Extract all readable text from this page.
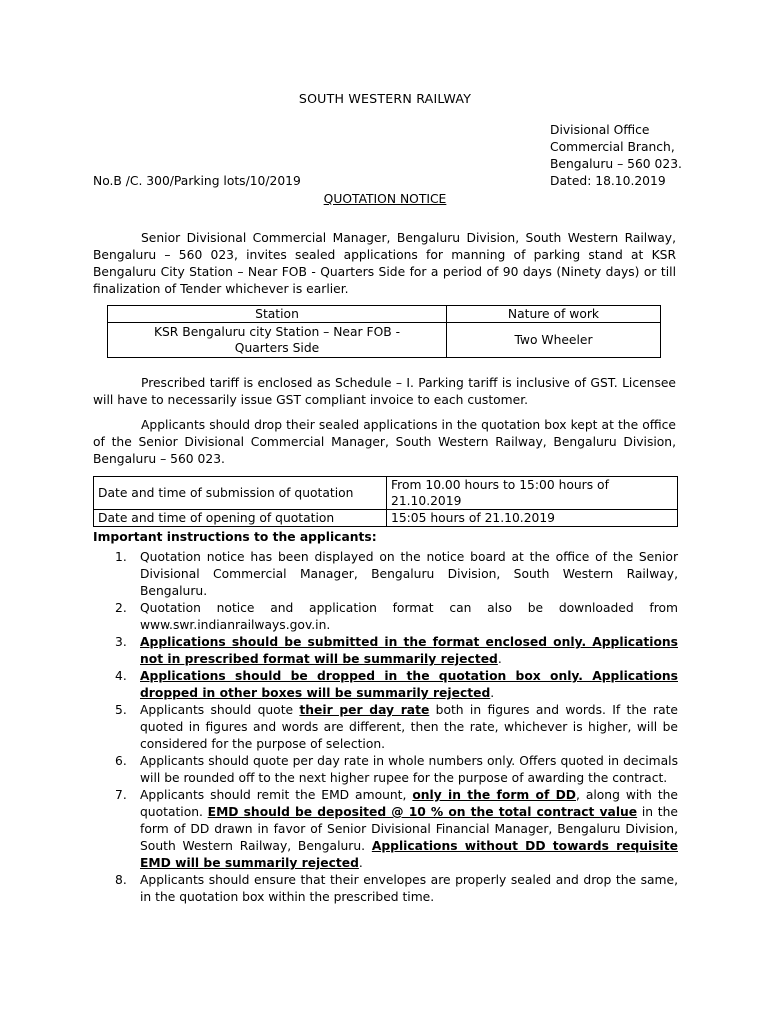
SOUTH WESTERN RAILWAY
Divisional Office
Commercial Branch,
Bengaluru – 560 023.
No.B /C. 300/Parking lots/10/2019	Dated: 18.10.2019
QUOTATION NOTICE
Senior Divisional Commercial Manager, Bengaluru Division, South Western Railway, Bengaluru – 560 023, invites sealed applications for manning of parking stand at KSR Bengaluru City Station – Near FOB - Quarters Side for a period of 90 days (Ninety days) or till finalization of Tender whichever is earlier.
Station	Nature of work
KSR Bengaluru city Station – Near FOB - Quarters Side	Two Wheeler
Prescribed tariff is enclosed as Schedule – I. Parking tariff is inclusive of GST. Licensee will have to necessarily issue GST compliant invoice to each customer.
Applicants should drop their sealed applications in the quotation box kept at the office of the Senior Divisional Commercial Manager, South Western Railway, Bengaluru Division, Bengaluru – 560 023.
Date and time of submission of quotation	From 10.00 hours to 15:00 hours of 21.10.2019
Date and time of opening of quotation	15:05 hours of 21.10.2019
Important instructions to the applicants:
1. Quotation notice has been displayed on the notice board at the office of the Senior Divisional Commercial Manager, Bengaluru Division, South Western Railway, Bengaluru.
2. Quotation notice and application format can also be downloaded from www.swr.indianrailways.gov.in.
3. Applications should be submitted in the format enclosed only. Applications not in prescribed format will be summarily rejected.
4. Applications should be dropped in the quotation box only. Applications dropped in other boxes will be summarily rejected.
5. Applicants should quote their per day rate both in figures and words. If the rate quoted in figures and words are different, then the rate, whichever is higher, will be considered for the purpose of selection.
6. Applicants should quote per day rate in whole numbers only. Offers quoted in decimals will be rounded off to the next higher rupee for the purpose of awarding the contract.
7. Applicants should remit the EMD amount, only in the form of DD, along with the quotation. EMD should be deposited @ 10 % on the total contract value in the form of DD drawn in favor of Senior Divisional Financial Manager, Bengaluru Division, South Western Railway, Bengaluru. Applications without DD towards requisite EMD will be summarily rejected.
8. Applicants should ensure that their envelopes are properly sealed and drop the same, in the quotation box within the prescribed time.
